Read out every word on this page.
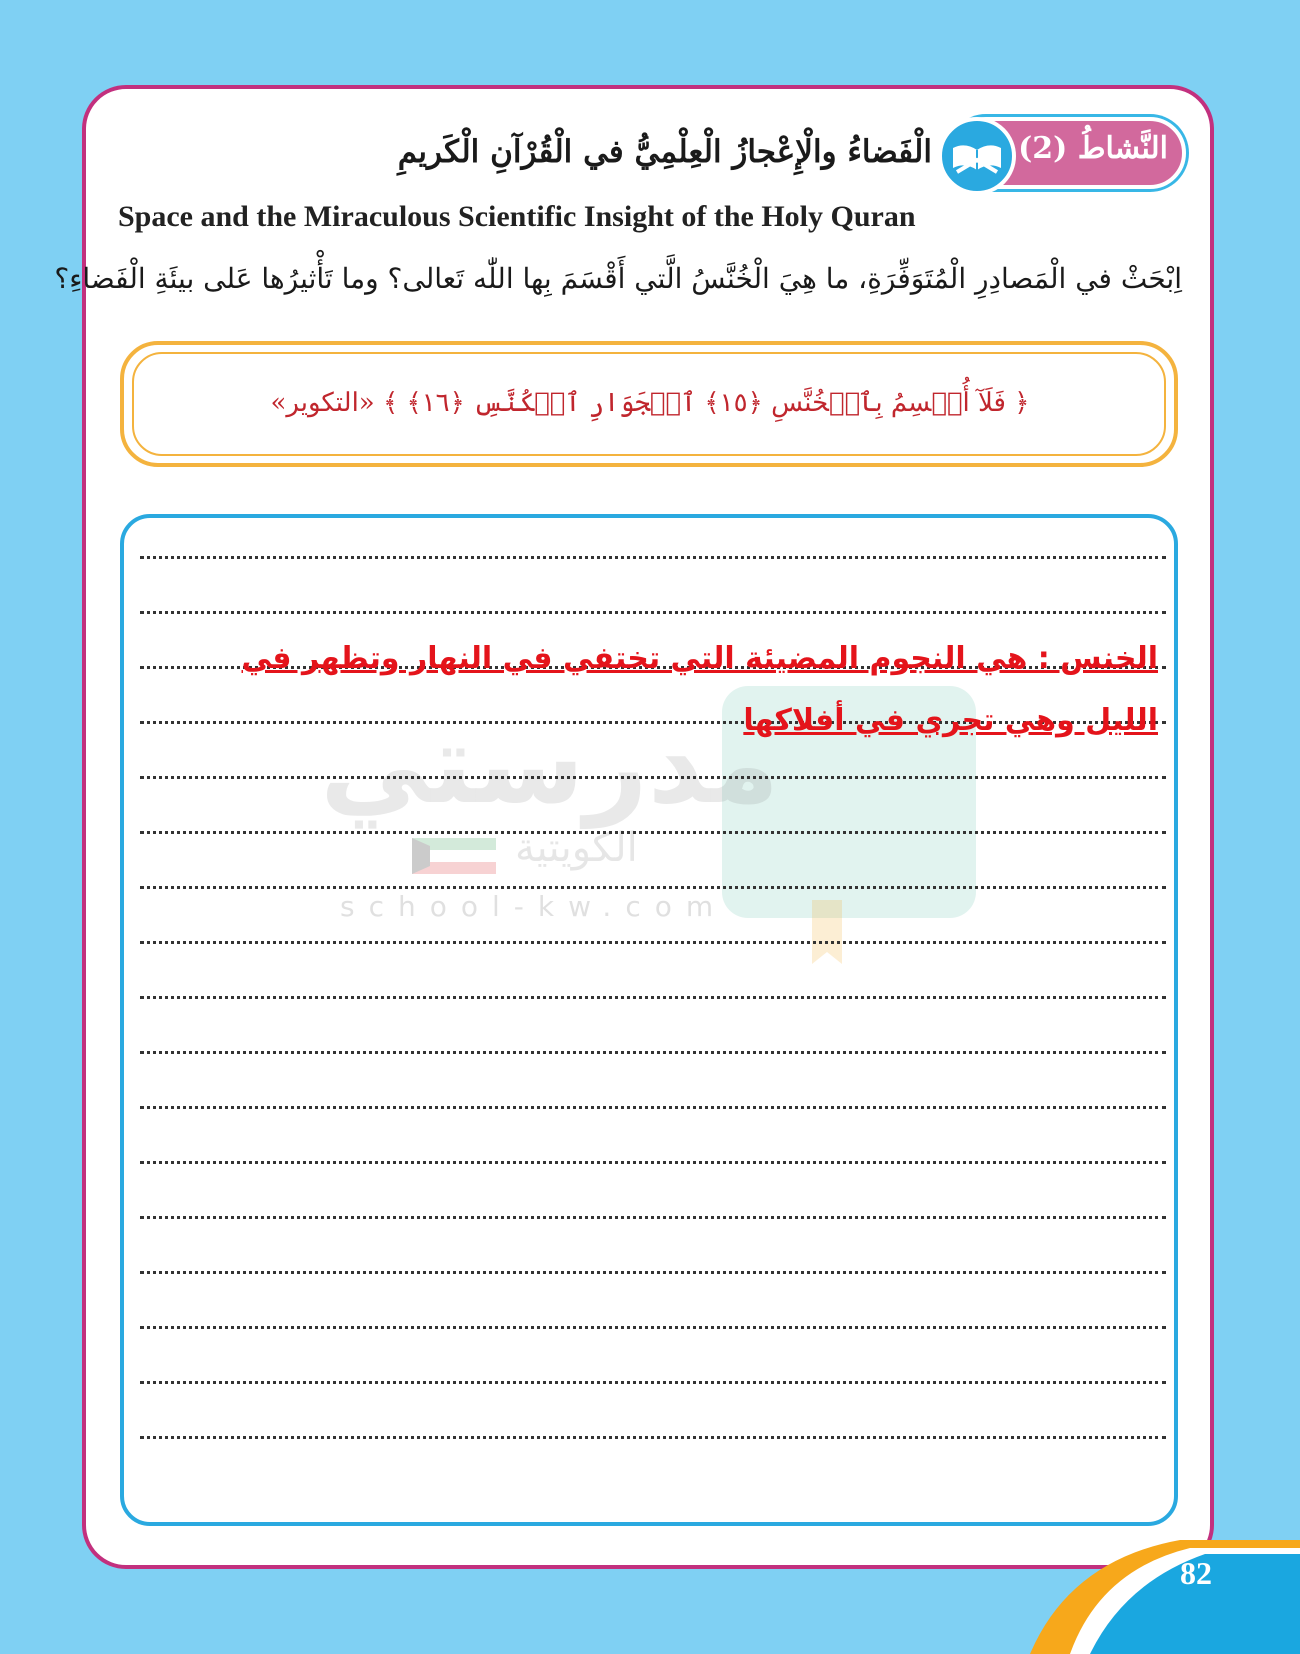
النَّشاطُ (2)
الْفَضاءُ والْإِعْجازُ الْعِلْمِيُّ في الْقُرْآنِ الْكَريمِ
Space and the Miraculous Scientific Insight of the Holy Quran
اِبْحَثْ في الْمَصادِرِ الْمُتَوَفِّرَةِ، ما هِيَ الْخُنَّسُ الَّتي أَقْسَمَ بِها اللّٰه تَعالى؟ وما تَأْثيرُها عَلى بيئَةِ الْفَضاءِ؟
﴿ فَلَآ أُقۡسِمُ بِٱلۡخُنَّسِ ﴿١٥﴾ ٱلۡجَوَارِ ٱلۡكُنَّسِ ﴿١٦﴾ ﴾ «التكوير»
مدرستي
الكويتية
school-kw.com
الخنس : هي النجوم المضيئة التي تختفي في النهار وتظهر في الليل وهي تجري في أفلاكها
82
